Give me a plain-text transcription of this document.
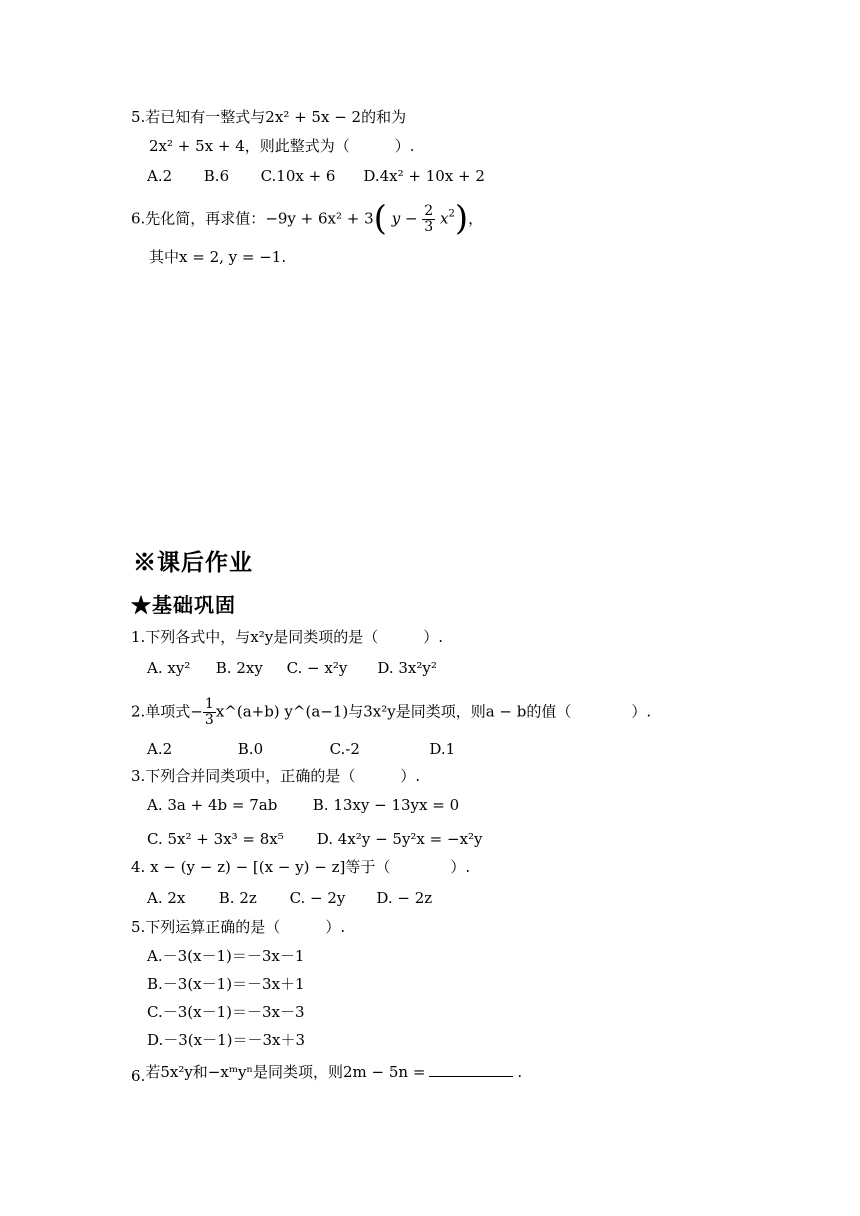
5.若已知有一整式与2x² + 5x − 2的和为
2x² + 5x + 4，则此整式为（　　　）.
A.2 B.6 C.10x + 6 D.4x² + 10x + 2
6.先化简，再求值：−9y + 6x² + 3( $y - \frac{2}{3} x^2$)，
其中x = 2, y = −1.
※课后作业
★基础巩固
1.下列各式中，与x²y是同类项的是（　　　）.
A. xy² B. 2xy C. − x²y D. 3x²y²
2.单项式− $\frac{1}{3}$ x^(a+b) y^(a−1)与3x²y是同类项，则a − b的值（　　　　）.
A.2	B.0	C.-2	D.1
3.下列合并同类项中，正确的是（　　　）.
A. 3a + 4b = 7ab B. 13xy − 13yx = 0
C. 5x² + 3x³ = 8x⁵ D. 4x²y − 5y²x = −x²y
4. x − (y − z) − [(x − y) − z]等于（　　　　）.
A. 2x B. 2z C. − 2y D. − 2z
5.下列运算正确的是（　　　）.
A.－3(x－1)＝－3x－1
B.－3(x－1)＝－3x＋1
C.－3(x－1)＝－3x－3
D.－3(x－1)＝－3x＋3
6.若5x²y和−xᵐyⁿ是同类项，则2m − 5n =	.
